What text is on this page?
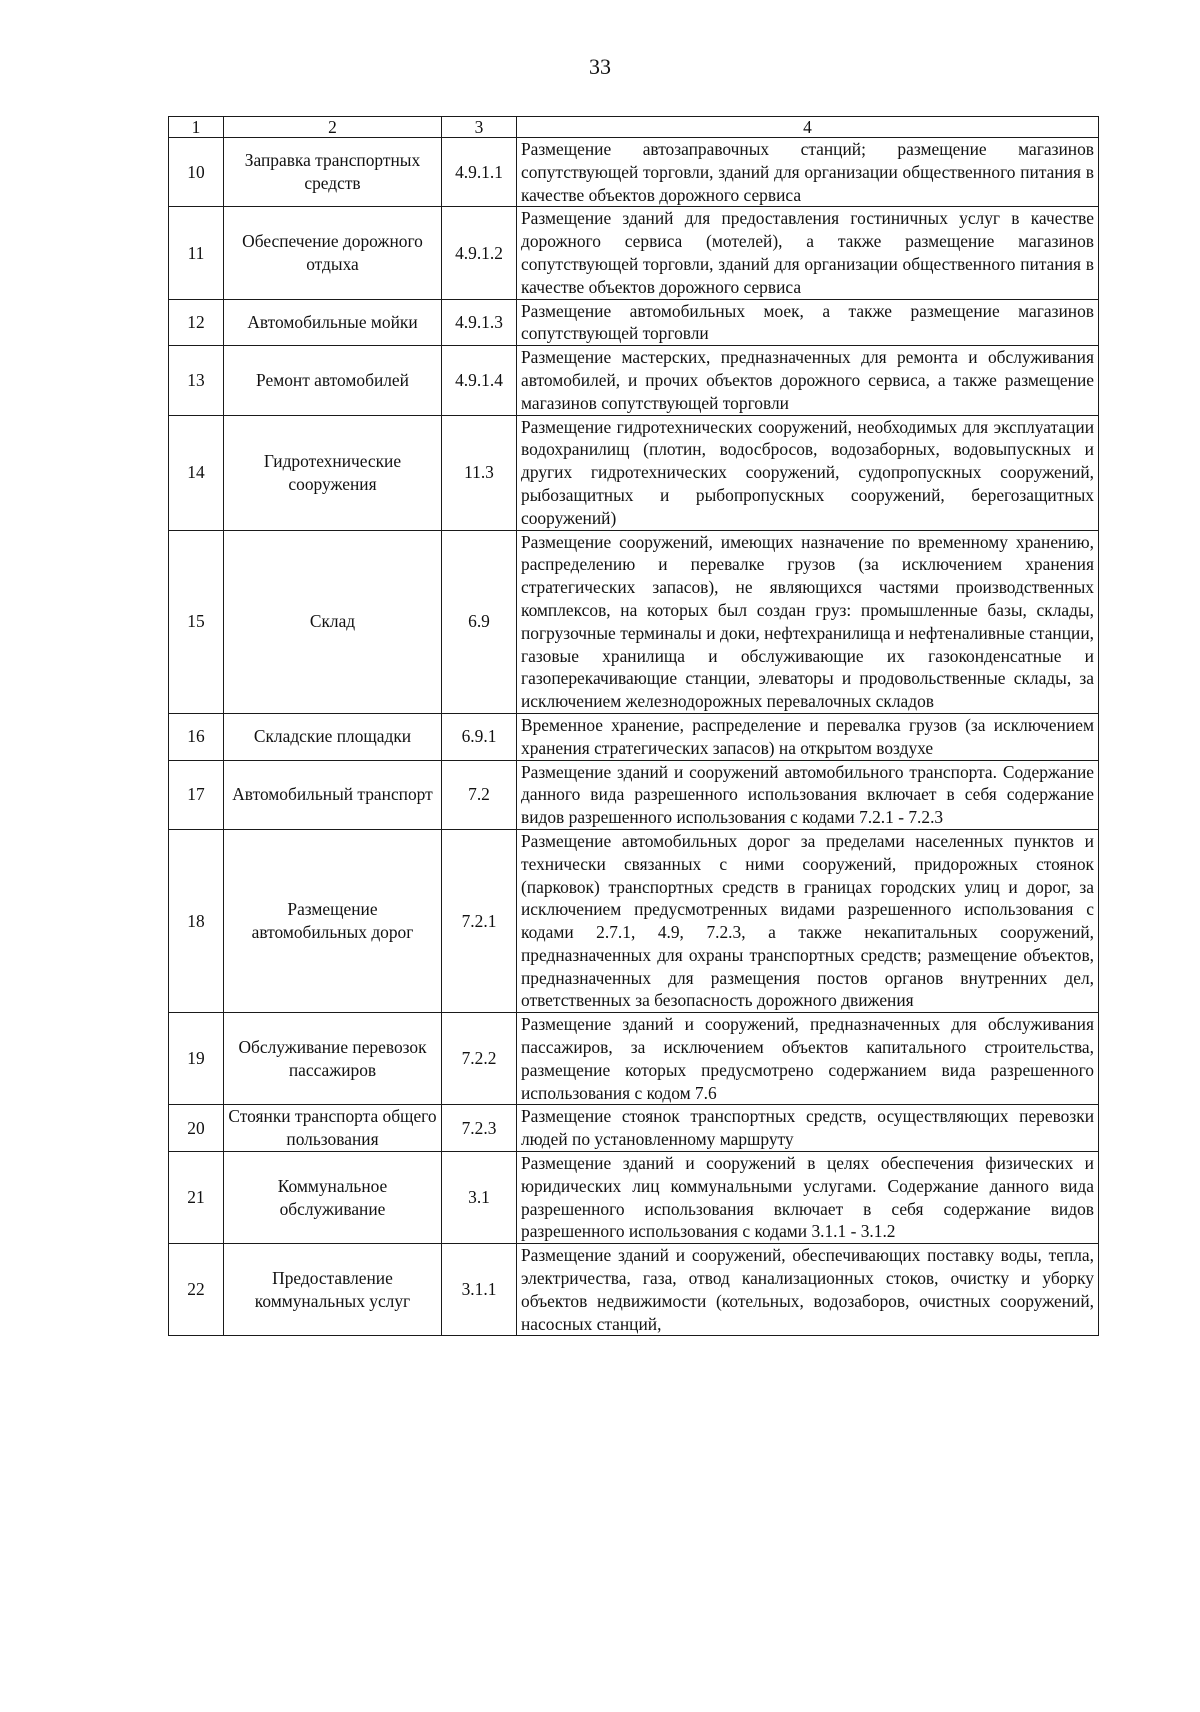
33
1	2	3	4
10	Заправка транспортных средств	4.9.1.1	Размещение автозаправочных станций; размещение магазинов сопутствующей торговли, зданий для организации общественного питания в качестве объектов дорожного сервиса
11	Обеспечение дорожного отдыха	4.9.1.2	Размещение зданий для предоставления гостиничных услуг в качестве дорожного сервиса (мотелей), а также размещение магазинов сопутствующей торговли, зданий для организации общественного питания в качестве объектов дорожного сервиса
12	Автомобильные мойки	4.9.1.3	Размещение автомобильных моек, а также размещение магазинов сопутствующей торговли
13	Ремонт автомобилей	4.9.1.4	Размещение мастерских, предназначенных для ремонта и обслуживания автомобилей, и прочих объектов дорожного сервиса, а также размещение магазинов сопутствующей торговли
14	Гидротехнические сооружения	11.3	Размещение гидротехнических сооружений, необходимых для эксплуатации водохранилищ (плотин, водосбросов, водозаборных, водовыпускных и других гидротехнических сооружений, судопропускных сооружений, рыбозащитных и рыбопропускных сооружений, берегозащитных сооружений)
15	Склад	6.9	Размещение сооружений, имеющих назначение по временному хранению, распределению и перевалке грузов (за исключением хранения стратегических запасов), не являющихся частями производственных комплексов, на которых был создан груз: промышленные базы, склады, погрузочные терминалы и доки, нефтехранилища и нефтеналивные станции, газовые хранилища и обслуживающие их газоконденсатные и газоперекачивающие станции, элеваторы и продовольственные склады, за исключением железнодорожных перевалочных складов
16	Складские площадки	6.9.1	Временное хранение, распределение и перевалка грузов (за исключением хранения стратегических запасов) на открытом воздухе
17	Автомобильный транспорт	7.2	Размещение зданий и сооружений автомобильного транспорта. Содержание данного вида разрешенного использования включает в себя содержание видов разрешенного использования с кодами 7.2.1 - 7.2.3
18	Размещение автомобильных дорог	7.2.1	Размещение автомобильных дорог за пределами населенных пунктов и технически связанных с ними сооружений, придорожных стоянок (парковок) транспортных средств в границах городских улиц и дорог, за исключением предусмотренных видами разрешенного использования с кодами 2.7.1, 4.9, 7.2.3, а также некапитальных сооружений, предназначенных для охраны транспортных средств; размещение объектов, предназначенных для размещения постов органов внутренних дел, ответственных за безопасность дорожного движения
19	Обслуживание перевозок пассажиров	7.2.2	Размещение зданий и сооружений, предназначенных для обслуживания пассажиров, за исключением объектов капитального строительства, размещение которых предусмотрено содержанием вида разрешенного использования с кодом 7.6
20	Стоянки транспорта общего пользования	7.2.3	Размещение стоянок транспортных средств, осуществляющих перевозки людей по установленному маршруту
21	Коммунальное обслуживание	3.1	Размещение зданий и сооружений в целях обеспечения физических и юридических лиц коммунальными услугами. Содержание данного вида разрешенного использования включает в себя содержание видов разрешенного использования с кодами 3.1.1 - 3.1.2
22	Предоставление коммунальных услуг	3.1.1	Размещение зданий и сооружений, обеспечивающих поставку воды, тепла, электричества, газа, отвод канализационных стоков, очистку и уборку объектов недвижимости (котельных, водозаборов, очистных сооружений, насосных станций,
